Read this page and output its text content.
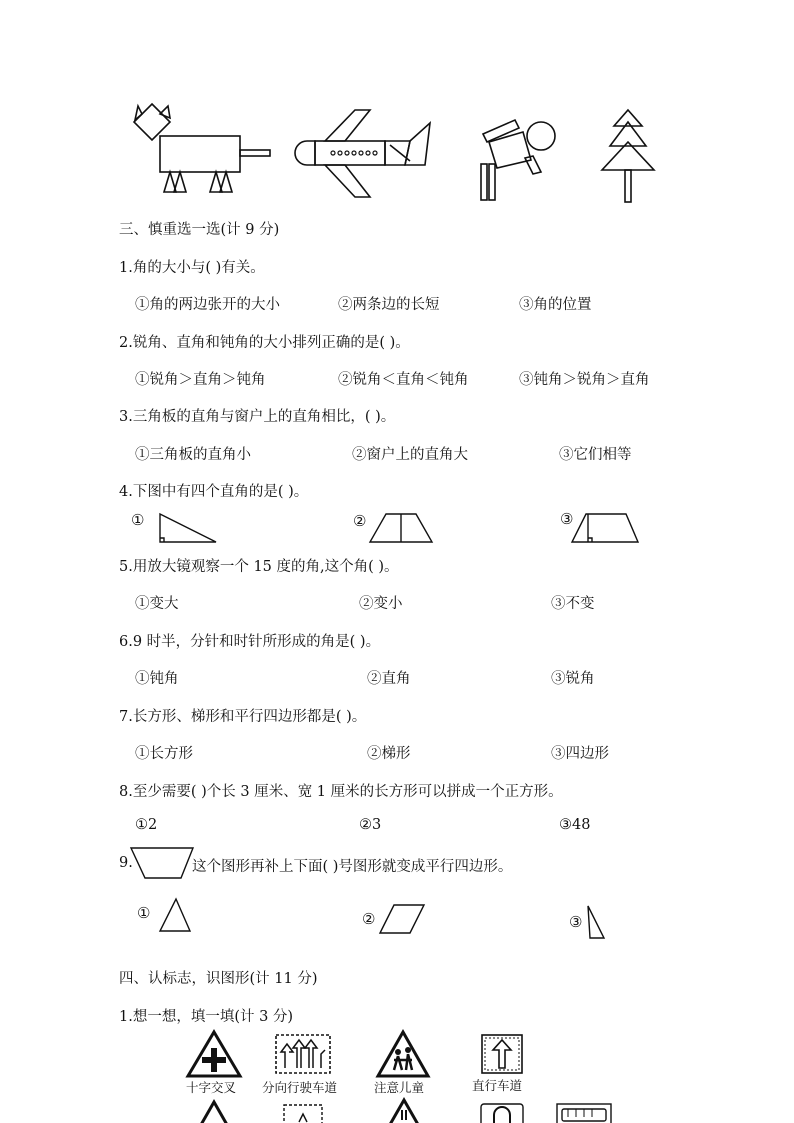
三、慎重选一选(计 9 分)
1.角的大小与( )有关。
①角的两边张开的大小	②两条边的长短	③角的位置
2.锐角、直角和钝角的大小排列正确的是( )。
①锐角＞直角＞钝角	②锐角＜直角＜钝角	③钝角＞锐角＞直角
3.三角板的直角与窗户上的直角相比，( )。
①三角板的直角小	②窗户上的直角大	③它们相等
4.下图中有四个直角的是( )。
①	②	③
5.用放大镜观察一个 15 度的角,这个角( )。
①变大	②变小	③不变
6.9 时半，分针和时针所形成的角是( )。
①钝角	②直角	③锐角
7.长方形、梯形和平行四边形都是( )。
①长方形	②梯形	③四边形
8.至少需要( )个长 3 厘米、宽 1 厘米的长方形可以拼成一个正方形。
①2	②3	③48
9.	这个图形再补上下面( )号图形就变成平行四边形。
①	②	③
四、认标志，识图形(计 11 分)
1.想一想，填一填(计 3 分)
十字交叉 分向行驶车道	注意儿童	直行车道
